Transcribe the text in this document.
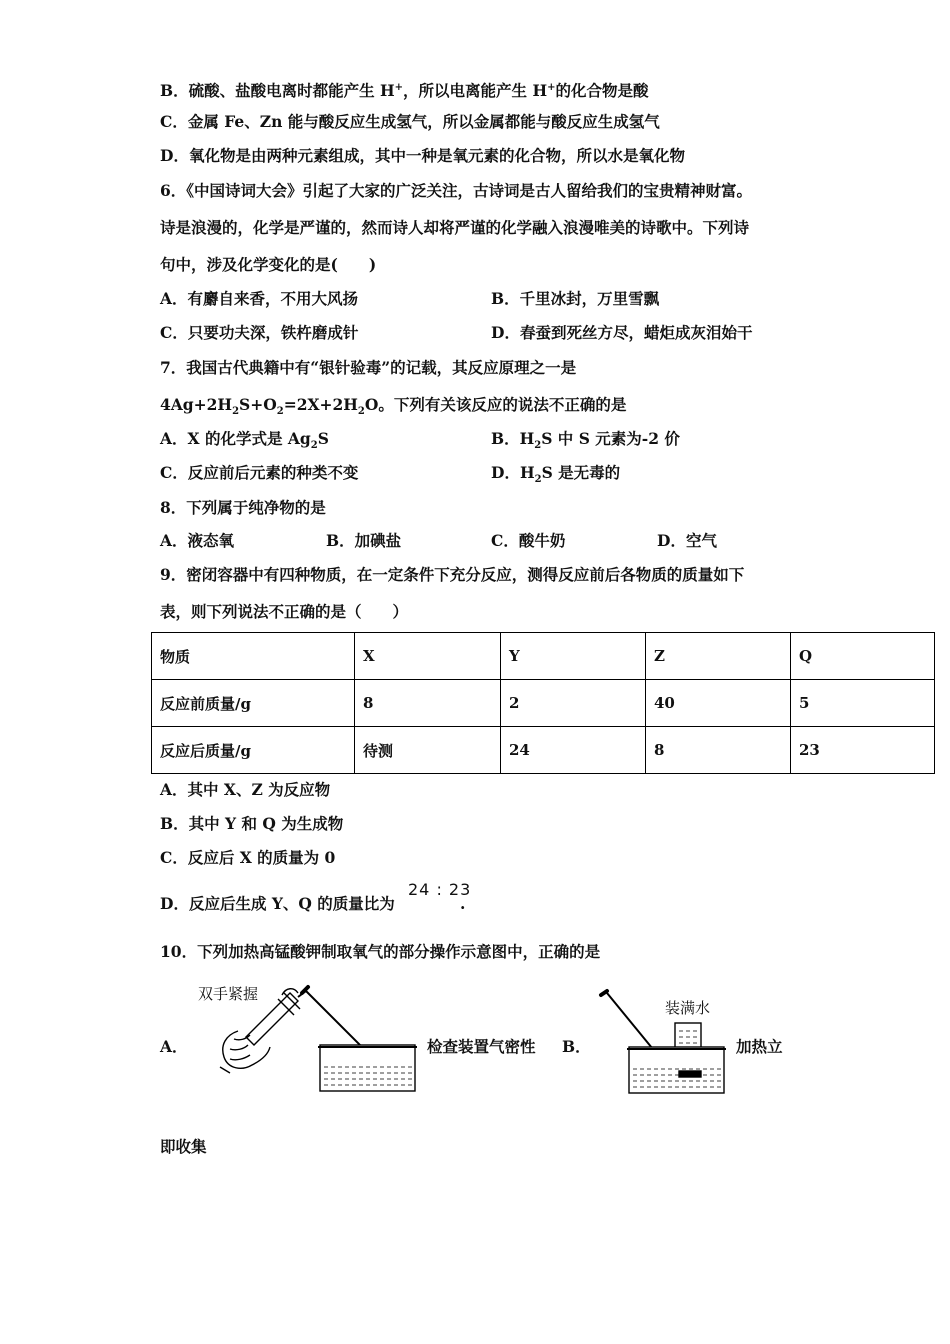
B．硫酸、盐酸电离时都能产生 H+，所以电离能产生 H+的化合物是酸
C．金属 Fe、Zn 能与酸反应生成氢气，所以金属都能与酸反应生成氢气
D．氧化物是由两种元素组成，其中一种是氧元素的化合物，所以水是氧化物
6．《中国诗词大会》引起了大家的广泛关注，古诗词是古人留给我们的宝贵精神财富。
诗是浪漫的，化学是严谨的，然而诗人却将严谨的化学融入浪漫唯美的诗歌中。下列诗
句中，涉及化学变化的是(　　)
A．有麝自来香，不用大风扬	B．千里冰封，万里雪飘
C．只要功夫深，铁杵磨成针	D．春蚕到死丝方尽，蜡炬成灰泪始干
7．我国古代典籍中有“银针验毒”的记载，其反应原理之一是
$4Ag+2H_2S+O_2=2X+2H_2O$。下列有关该反应的说法不正确的是
A．X 的化学式是 $Ag_2S$	B．$H_2S$ 中 S 元素为-2 价
C．反应前后元素的种类不变	D．$H_2S$ 是无毒的
8．下列属于纯净物的是
A．液态氧	B．加碘盐	C．酸牛奶	D．空气
9．密闭容器中有四种物质，在一定条件下充分反应，测得反应前后各物质的质量如下
表，则下列说法不正确的是（　　）
物质	X	Y	Z	Q
反应前质量/g	8	2	40	5
反应后质量/g	待测	24	8	23
A．其中 X、Z 为反应物
B．其中 Y 和 Q 为生成物
C．反应后 X 的质量为 0
D．反应后生成 Y、Q 的质量比为
24 : 23
.
10．下列加热高锰酸钾制取氧气的部分操作示意图中，正确的是
A．
双手紧握
检查装置气密性 B．
装满水
加热立
即收集
